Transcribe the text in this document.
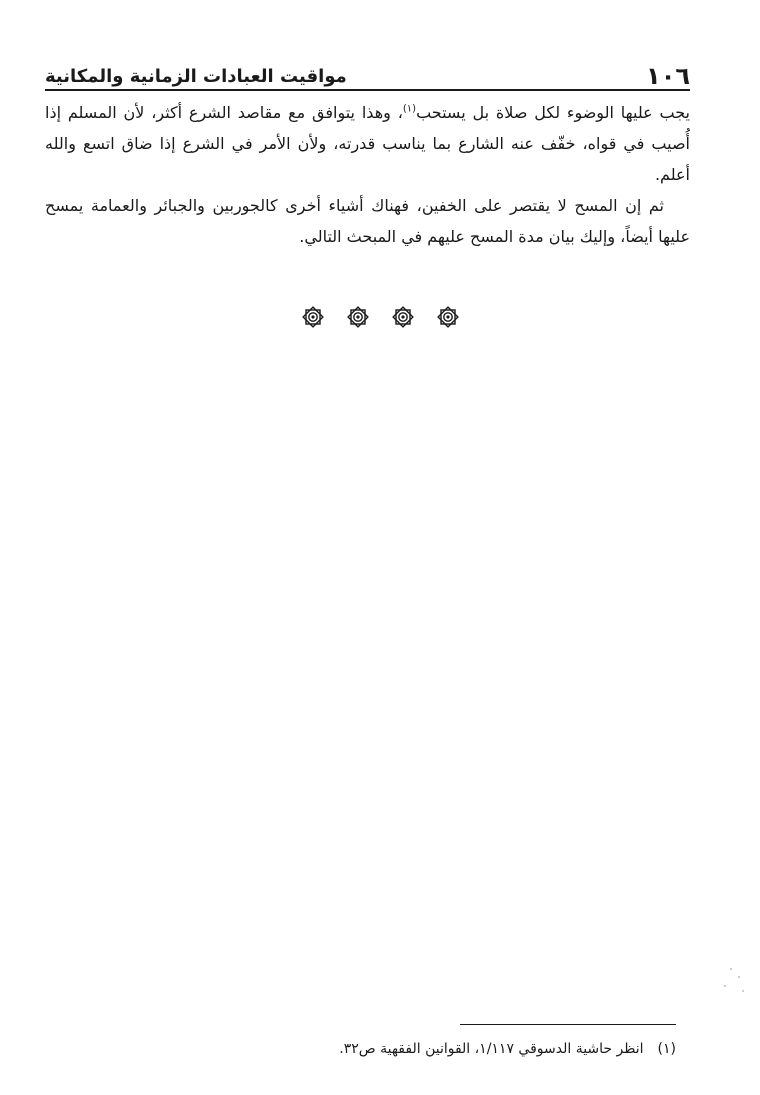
١٠٦
مواقيت العبادات الزمانية والمكانية

يجب عليها الوضوء لكل صلاة بل يستحب$^{(١)}$، وهذا يتوافق مع مقاصد الشرع أكثر، لأن المسلم إذا أُصيب في قواه، خفّف عنه الشارع بما يناسب قدرته، ولأن الأمر في الشرع إذا ضاق اتسع والله أعلم.

ثم إن المسح لا يقتصر على الخفين، فهناك أشياء أخرى كالجوربين والجبائر والعمامة يمسح عليها أيضاً، وإليك بيان مدة المسح عليهم في المبحث التالي.

(١)
انظر حاشية الدسوقي ١/١١٧، القوانين الفقهية ص٣٢.
